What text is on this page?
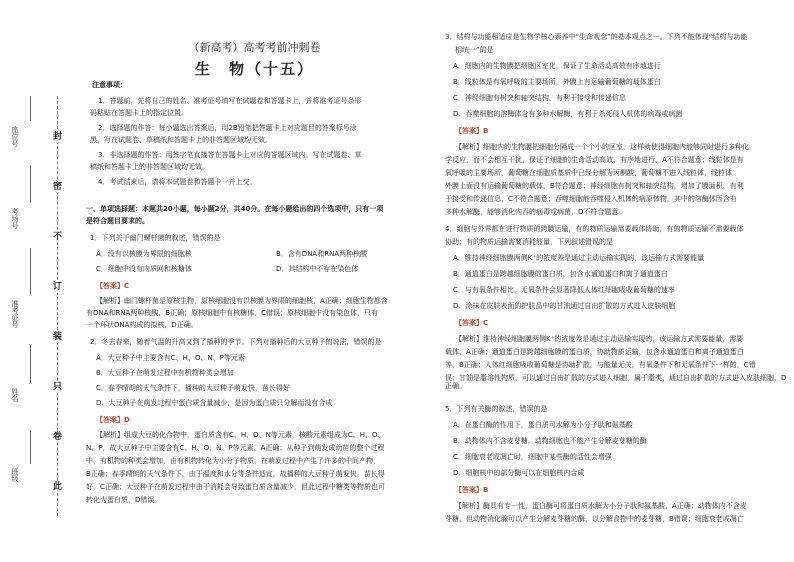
班级
姓名
准考证号
考场号
座位号	封
密
不
订
装
只
卷
此
（新高考）高考考前冲刺卷
生　物（十五）
注意事项：
1．答题前，先将自己的姓名、准考证号填写在试题卷和答题卡上，并将准考证号条形
码粘贴在答题卡上的指定位置。
2．选择题的作答：每小题选出答案后，用2B铅笔把答题卡上对应题目的答案标号涂
黑，写在试题卷、草稿纸和答题卡上的非答题区域均无效。
3．非选择题的作答：用签字笔直接答在答题卡上对应的答题区域内。写在试题卷、草
稿纸和答题卡上的非答题区域均无效。
4．考试结束后，请将本试题卷和答题卡一并上交。
一、单项选择题：本题共20小题，每小题2分，共40分。在每小题给出的四个选项中，只有一项
是符合题目要求的。
1．下列关于幽门螺杆菌的叙述，错误的是
A．没有以核膜为界限的细胞核	B．含有DNA和RNA两种核酸
C．细胞中没有内质网和核糖体	D．其结构中不存在染色体
【答案】C
【解析】幽门螺杆菌是原核生物，原核细胞没有以核膜为界限的细胞核，A正确；细胞生物都含
有DNA和RNA两种核酸，B正确；原核细胞中有核糖体，C错误；原核细胞中没有染色体，只有
一个环状DNA构成的拟核，D正确。
2．冬去春来，随着气温的升高又到了播种的季节。下列对播种后的大豆种子的说法，错误的是
A．大豆种子中主要含有C、H、O、N、P等元素
B．大豆种子在萌发过程中有机物种类会增加
C．春季晴朗的天气条件下，播种的大豆种子萌发快，苗长得好
D．大豆种子在萌发过程中蛋白质含量减少，是因为蛋白质只分解而没有合成
【答案】D
【解析】组成大豆的化合物中，蛋白质含有C、H、O、N等元素，核酸元素组成为C、H、O、
N、P，故大豆种子中主要含有C、H、O、N、P等元素，A正确；从种子到萌发成幼苗的整个过程
中，有机物的种类会增加，由有机物转化为小分子物质，在萌发过程中产生了许多的中间产物，
B正确；春季晴朗的天气条件下，由于温度和水分等条件适宜，故播种的大豆种子萌发快，苗长得
好，C正确；大豆种子在萌发过程中由于消耗会导致蛋白质含量减少，但此过程中糖类等物质也可
转化为蛋白质，D错误。
3．结构与功能相适应是生物学核心素养中“生命观念”的基本观点之一。下列不能体现“结构与功能
相统一”的是
A．细胞内的生物膜把细胞区室化，保证了生命活动高效有序地进行
B．线粒体是有氧呼吸的主要场所，外膜上有运输葡萄糖的载体蛋白
C．神经细胞有树突和轴突结构，有利于接受和传递信息
D．吞噬细胞的溶酶体含有多种水解酶，有利于杀死侵入机体的病毒或病菌
【答案】B
【解析】细胞内的生物膜把细胞分隔成一个个小的区室，这样就使得细胞内能够同时进行多种化
学反应，而不会相互干扰，保证了细胞的生命活动高效、有序地进行，A不符合题意；线粒体是有
氧呼吸的主要场所，葡萄糖在细胞质基质中已经分解为丙酮酸，葡萄糖不进入线粒体，线粒体
外膜上面没有运输葡萄糖的载体，B符合题意；神经细胞有树突和轴突结构，增加了膜面积，有利
于接受和传递信息，C不符合题意；吞噬细胞能吞噬侵入机体的病原体物，其中的溶酶体因含有
多种水解酶，能够消化内吞的病毒或病菌，D不符合题意。
4．细胞与外界都在进行物质的跨膜运输，有的物质运输需要载体协助，有的物质运输不需要载体
协助；有的物质运输需要消耗能量，下列叙述错误的是
A．维持神经细胞膜两侧K⁺的浓度差是通过主动运输实现的，该运输方式需要能量
B．通道蛋白是跨越细胞膜的蛋白质，包含水通道蛋白和离子通道蛋白
C．与有氧条件相比，无氧条件会显著降低人体红细胞吸收葡萄糖的速率
D．涂抹在皮肤表面的护肤品中的甘油通过自由扩散的方式进入皮肤细胞
【答案】C
【解析】维持神经细胞膜两侧K⁺的浓度差是通过主动运输实现的，该运输方式需要能量，需要
载体，A正确；通道蛋白是跨越细胞膜的蛋白质，协助物质运输，包含水通道蛋白和离子通道蛋白
等，B正确；人体红细胞吸收葡萄糖是协助扩散，与能量无关，有氧条件下和无氧条件下一样的，C错
误；甘油是脂溶性物质，可以通过自由扩散的方式进入细胞，属于脂类，通过自由扩散的方式进入皮肤细胞，D正确。
5．下列有关酶的叙述，错误的是
A．在蛋白酶的作用下，蛋白质可水解为小分子肽和氨基酸
B．动物体内不含麦芽糖，动物细胞也不能产生分解麦芽糖的酶
C．细胞衰老或凋亡时，细胞中某些酶的活性会增强
D．细胞核中的部分酶可以在细胞核内合成
【答案】B
【解析】酶具有专一性，蛋白酶可将蛋白质水解为小分子肽和氨基酸，A正确；动物体内不含麦
芽糖，但动物消化腺可以产生分解麦芽糖的酶，以分解食物中的麦芽糖，B错误；细胞衰老或凋亡
